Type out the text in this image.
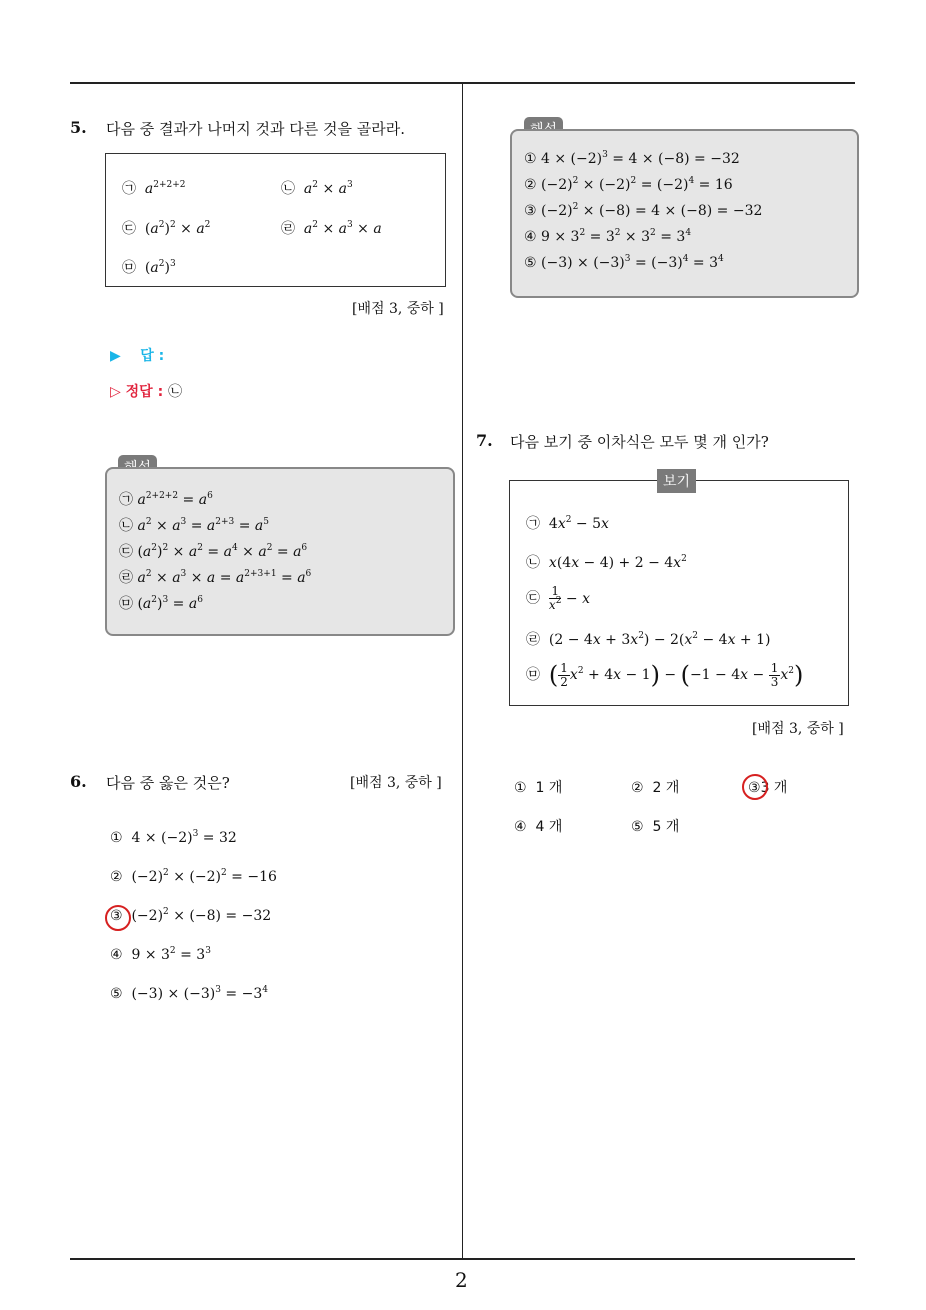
2
5. 다음 중 결과가 나머지 것과 다른 것을 골라라.
㉠ $a^{2+2+2}$	㉡ $a^2 \times a^3$
㉢ $(a^2)^2 \times a^2$	㉣ $a^2 \times a^3 \times a$
㉤ $(a^2)^3$
[배점 3, 중하 ]
▶ 답 :
▷ 정답 : ㉡
㉠ $a^{2+2+2} = a^6$
㉡ $a^2 \times a^3 = a^{2+3} = a^5$
㉢ $(a^2)^2 \times a^2 = a^4 \times a^2 = a^6$
㉣ $a^2 \times a^3 \times a = a^{2+3+1} = a^6$
㉤ $(a^2)^3 = a^6$
6. 다음 중 옳은 것은?	[배점 3, 중하 ]
① $4 \times (-2)^3 = 32$
② $(-2)^2 \times (-2)^2 = -16$
③ $(-2)^2 \times (-8) = -32$
④ $9 \times 3^2 = 3^3$
⑤ $(-3) \times (-3)^3 = -3^4$
① $4 \times (-2)^3 = 4 \times (-8) = -32$
② $(-2)^2 \times (-2)^2 = (-2)^4 = 16$
③ $(-2)^2 \times (-8) = 4 \times (-8) = -32$
④ $9 \times 3^2 = 3^2 \times 3^2 = 3^4$
⑤ $(-3) \times (-3)^3 = (-3)^4 = 3^4$
7. 다음 보기 중 이차식은 모두 몇 개 인가?
㉠ $4x^2 - 5x$
㉡ $x(4x - 4) + 2 - 4x^2$
㉢ $\frac{1}{x^2} - x$
㉣ $(2 - 4x + 3x^2) - 2(x^2 - 4x + 1)$
㉤ ( $\frac{1}{2} x^2 + 4x - 1) - (-1 - 4x - \frac{1}{3} x^2)$
보기
[배점 3, 중하 ]
① 1 개	② 2 개	③3 개
④ 4 개	⑤ 5 개
